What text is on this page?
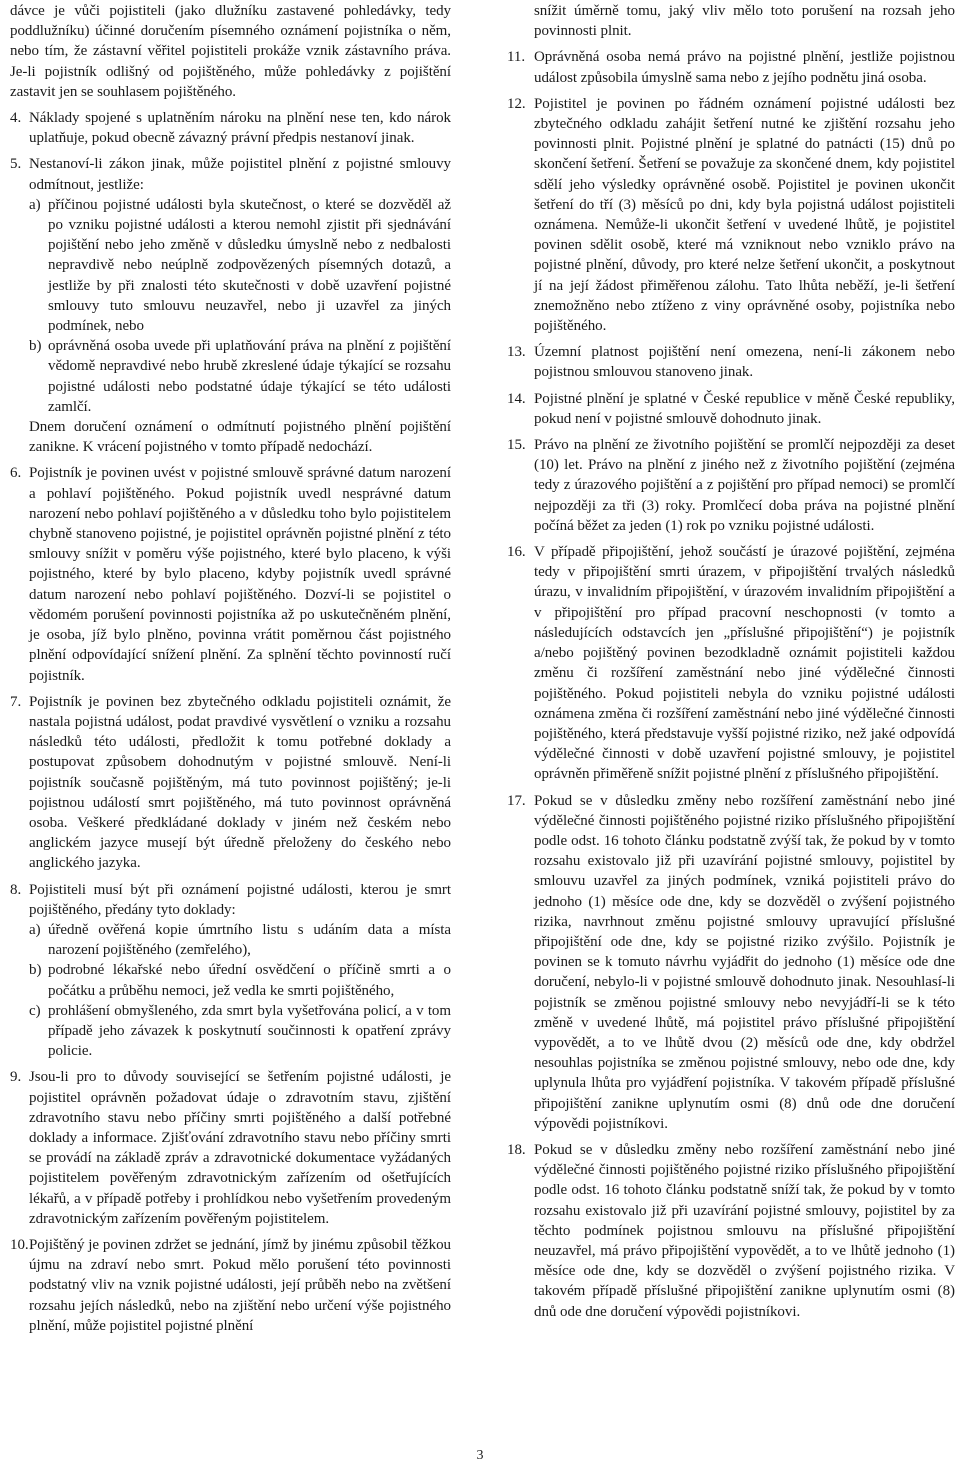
dávce je vůči pojistiteli (jako dlužníku zastavené pohledávky, tedy poddlužníku) účinné doručením písemného oznámení pojistníka o něm, nebo tím, že zástavní věřitel pojistiteli prokáže vznik zástavního práva. Je-li pojistník odlišný od pojištěného, může pohledávky z pojištění zastavit jen se souhlasem pojištěného.

4. Náklady spojené s uplatněním nároku na plnění nese ten, kdo nárok uplatňuje, pokud obecně závazný právní předpis nestanoví jinak.

5. Nestanoví-li zákon jinak, může pojistitel plnění z pojistné smlouvy odmítnout, jestliže:

a) příčinou pojistné události byla skutečnost, o které se dozvěděl až po vzniku pojistné události a kterou nemohl zjistit při sjednávání pojištění nebo jeho změně v důsledku úmyslně nebo z nedbalosti nepravdivě nebo neúplně zodpovězených písemných dotazů, a jestliže by při znalosti této skutečnosti v době uzavření pojistné smlouvy tuto smlouvu neuzavřel, nebo ji uzavřel za jiných podmínek, nebo

b) oprávněná osoba uvede při uplatňování práva na plnění z pojištění vědomě nepravdivé nebo hrubě zkreslené údaje týkající se rozsahu pojistné události nebo podstatné údaje týkající se této události zamlčí.

Dnem doručení oznámení o odmítnutí pojistného plnění pojištění zanikne. K vrácení pojistného v tomto případě nedochází.

6. Pojistník je povinen uvést v pojistné smlouvě správné datum narození a pohlaví pojištěného. Pokud pojistník uvedl nesprávné datum narození nebo pohlaví pojištěného a v důsledku toho bylo pojistitelem chybně stanoveno pojistné, je pojistitel oprávněn pojistné plnění z této smlouvy snížit v poměru výše pojistného, které bylo placeno, k výši pojistného, které by bylo placeno, kdyby pojistník uvedl správné datum narození nebo pohlaví pojištěného. Dozví-li se pojistitel o vědomém porušení povinnosti pojistníka až po uskutečněném plnění, je osoba, jíž bylo plněno, povinna vrátit poměrnou část pojistného plnění odpovídající snížení plnění. Za splnění těchto povinností ručí pojistník.

7. Pojistník je povinen bez zbytečného odkladu pojistiteli oznámit, že nastala pojistná událost, podat pravdivé vysvětlení o vzniku a rozsahu následků této události, předložit k tomu potřebné doklady a postupovat způsobem dohodnutým v pojistné smlouvě. Není-li pojistník současně pojištěným, má tuto povinnost pojištěný; je-li pojistnou událostí smrt pojištěného, má tuto povinnost oprávněná osoba. Veškeré předkládané doklady v jiném než českém nebo anglickém jazyce musejí být úředně přeloženy do českého nebo anglického jazyka.

8. Pojistiteli musí být při oznámení pojistné události, kterou je smrt pojištěného, předány tyto doklady:

a) úředně ověřená kopie úmrtního listu s udáním data a místa narození pojištěného (zemřelého),

b) podrobné lékařské nebo úřední osvědčení o příčině smrti a o počátku a průběhu nemoci, jež vedla ke smrti pojištěného,

c) prohlášení obmyšleného, zda smrt byla vyšetřována policí, a v tom případě jeho závazek k poskytnutí součinnosti k opatření zprávy policie.

9. Jsou-li pro to důvody související se šetřením pojistné události, je pojistitel oprávněn požadovat údaje o zdravotním stavu, zjištění zdravotního stavu nebo příčiny smrti pojištěného a další potřebné doklady a informace. Zjišťování zdravotního stavu nebo příčiny smrti se provádí na základě zpráv a zdravotnické dokumentace vyžádaných pojistitelem pověřeným zdravotnickým zařízením od ošetřujících lékařů, a v případě potřeby i prohlídkou nebo vyšetřením provedeným zdravotnickým zařízením pověřeným pojistitelem.

10. Pojištěný je povinen zdržet se jednání, jímž by jinému způsobil těžkou újmu na zdraví nebo smrt. Pokud mělo porušení této povinnosti podstatný vliv na vznik pojistné události, její průběh nebo na zvětšení rozsahu jejích následků, nebo na zjištění nebo určení výše pojistného plnění, může pojistitel pojistné plnění

snížit úměrně tomu, jaký vliv mělo toto porušení na rozsah jeho povinnosti plnit.

11. Oprávněná osoba nemá právo na pojistné plnění, jestliže pojistnou událost způsobila úmyslně sama nebo z jejího podnětu jiná osoba.

12. Pojistitel je povinen po řádném oznámení pojistné události bez zbytečného odkladu zahájit šetření nutné ke zjištění rozsahu jeho povinnosti plnit. Pojistné plnění je splatné do patnácti (15) dnů po skončení šetření. Šetření se považuje za skončené dnem, kdy pojistitel sdělí jeho výsledky oprávněné osobě. Pojistitel je povinen ukončit šetření do tří (3) měsíců po dni, kdy byla pojistná událost pojistiteli oznámena. Nemůže-li ukončit šetření v uvedené lhůtě, je pojistitel povinen sdělit osobě, které má vzniknout nebo vzniklo právo na pojistné plnění, důvody, pro které nelze šetření ukončit, a poskytnout jí na její žádost přiměřenou zálohu. Tato lhůta neběží, je-li šetření znemožněno nebo ztíženo z viny oprávněné osoby, pojistníka nebo pojištěného.

13. Územní platnost pojištění není omezena, není-li zákonem nebo pojistnou smlouvou stanoveno jinak.

14. Pojistné plnění je splatné v České republice v měně České republiky, pokud není v pojistné smlouvě dohodnuto jinak.

15. Právo na plnění ze životního pojištění se promlčí nejpozději za deset (10) let. Právo na plnění z jiného než z životního pojištění (zejména tedy z úrazového pojištění a z pojištění pro případ nemoci) se promlčí nejpozději za tři (3) roky. Promlčecí doba práva na pojistné plnění počíná běžet za jeden (1) rok po vzniku pojistné události.

16. V případě připojištění, jehož součástí je úrazové pojištění, zejména tedy v připojištění smrti úrazem, v připojištění trvalých následků úrazu, v invalidním připojištění, v úrazovém invalidním připojištění a v připojištění pro případ pracovní neschopnosti (v tomto a následujících odstavcích jen „příslušné připojištění“) je pojistník a/nebo pojištěný povinen bezodkladně oznámit pojistiteli každou změnu či rozšíření zaměstnání nebo jiné výdělečné činnosti pojištěného. Pokud pojistiteli nebyla do vzniku pojistné události oznámena změna či rozšíření zaměstnání nebo jiné výdělečné činnosti pojištěného, která představuje vyšší pojistné riziko, než jaké odpovídá výdělečné činnosti v době uzavření pojistné smlouvy, je pojistitel oprávněn přiměřeně snížit pojistné plnění z příslušného připojištění.

17. Pokud se v důsledku změny nebo rozšíření zaměstnání nebo jiné výdělečné činnosti pojištěného pojistné riziko příslušného připojištění podle odst. 16 tohoto článku podstatně zvýší tak, že pokud by v tomto rozsahu existovalo již při uzavírání pojistné smlouvy, pojistitel by smlouvu uzavřel za jiných podmínek, vzniká pojistiteli právo do jednoho (1) měsíce ode dne, kdy se dozvěděl o zvýšení pojistného rizika, navrhnout změnu pojistné smlouvy upravující příslušné připojištění ode dne, kdy se pojistné riziko zvýšilo. Pojistník je povinen se k tomuto návrhu vyjádřit do jednoho (1) měsíce ode dne doručení, nebylo-li v pojistné smlouvě dohodnuto jinak. Nesouhlasí-li pojistník se změnou pojistné smlouvy nebo nevyjádří-li se k této změně v uvedené lhůtě, má pojistitel právo příslušné připojištění vypovědět, a to ve lhůtě dvou (2) měsíců ode dne, kdy obdržel nesouhlas pojistníka se změnou pojistné smlouvy, nebo ode dne, kdy uplynula lhůta pro vyjádření pojistníka. V takovém případě příslušné připojištění zanikne uplynutím osmi (8) dnů ode dne doručení výpovědi pojistníkovi.

18. Pokud se v důsledku změny nebo rozšíření zaměstnání nebo jiné výdělečné činnosti pojištěného pojistné riziko příslušného připojištění podle odst. 16 tohoto článku podstatně sníží tak, že pokud by v tomto rozsahu existovalo již při uzavírání pojistné smlouvy, pojistitel by za těchto podmínek pojistnou smlouvu na příslušné připojištění neuzavřel, má právo připojištění vypovědět, a to ve lhůtě jednoho (1) měsíce ode dne, kdy se dozvěděl o zvýšení pojistného rizika. V takovém případě příslušné připojištění zanikne uplynutím osmi (8) dnů ode dne doručení výpovědi pojistníkovi.

3
